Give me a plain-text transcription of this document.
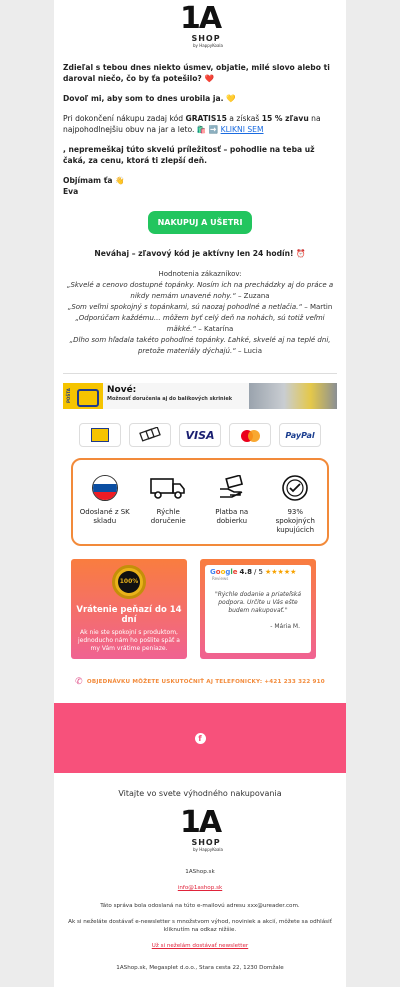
1A
SHOP
by HappyKoala
Zdieľal s tebou dnes niekto úsmev, objatie, milé slovo alebo ti daroval niečo, čo by ťa potešilo? ❤️
Dovoľ mi, aby som to dnes urobila ja. 💛
Pri dokončení nákupu zadaj kód GRATIS15 a získaš 15 % zľavu na najpohodlnejšiu obuv na jar a leto. 🛍️ ➡️ KLIKNI SEM
, nepremeškaj túto skvelú príležitosť – pohodlie na teba už čaká, za cenu, ktorá ti zlepší deň.
Objímam ťa 👋
Eva
NAKUPUJ A UŠETRI
Neváhaj – zľavový kód je aktívny len 24 hodín! ⏰
Hodnotenia zákazníkov:
„Skvelé a cenovo dostupné topánky. Nosím ich na prechádzky aj do práce a nikdy nemám unavené nohy.“ – Zuzana
„Som veľmi spokojný s topánkami, sú naozaj pohodlné a netlačia.“ – Martin
„Odporúčam každému... môžem byť celý deň na nohách, sú totiž veľmi mäkké.“ – Katarína
„Dlho som hľadala takéto pohodlné topánky. Ľahké, skvelé aj na teplé dni, pretože materiály dýchajú.“ – Lucia
POŠTA	Nové:
Možnosť doručenia aj do balíkových skriniek
VISA	PayPal
Odoslané z SK skladu
Rýchle doručenie
Platba na dobierku
93% spokojných kupujúcich
100%
Vrátenie peňazí do 14 dní
Ak nie ste spokojní s produktom, jednoducho nám ho pošlite späť a my Vám vrátime peniaze.
Google 4.8 / 5 ★★★★★
Reviews
"Rýchle dodanie a priateľská podpora. Určite u Vás ešte budem nakupovať."
- Mária M.
✆ OBJEDNÁVKU MÔŽETE USKUTOČNIŤ AJ TELEFONICKY: +421 233 322 910
f
Vitajte vo svete výhodného nakupovania
1A
SHOP
by HappyKoala
1AShop.sk
info@1ashop.sk
Táto správa bola odoslaná na túto e-mailovú adresu xxx@ureader.com.
Ak si neželáte dostávať e-newsletter s množstvom výhod, noviniek a akcií, môžete sa odhlásiť kliknutím na odkaz nižšie.
Už si neželám dostávať newsletter
1AShop.sk, Megasplet d.o.o., Stara cesta 22, 1230 Domžale
